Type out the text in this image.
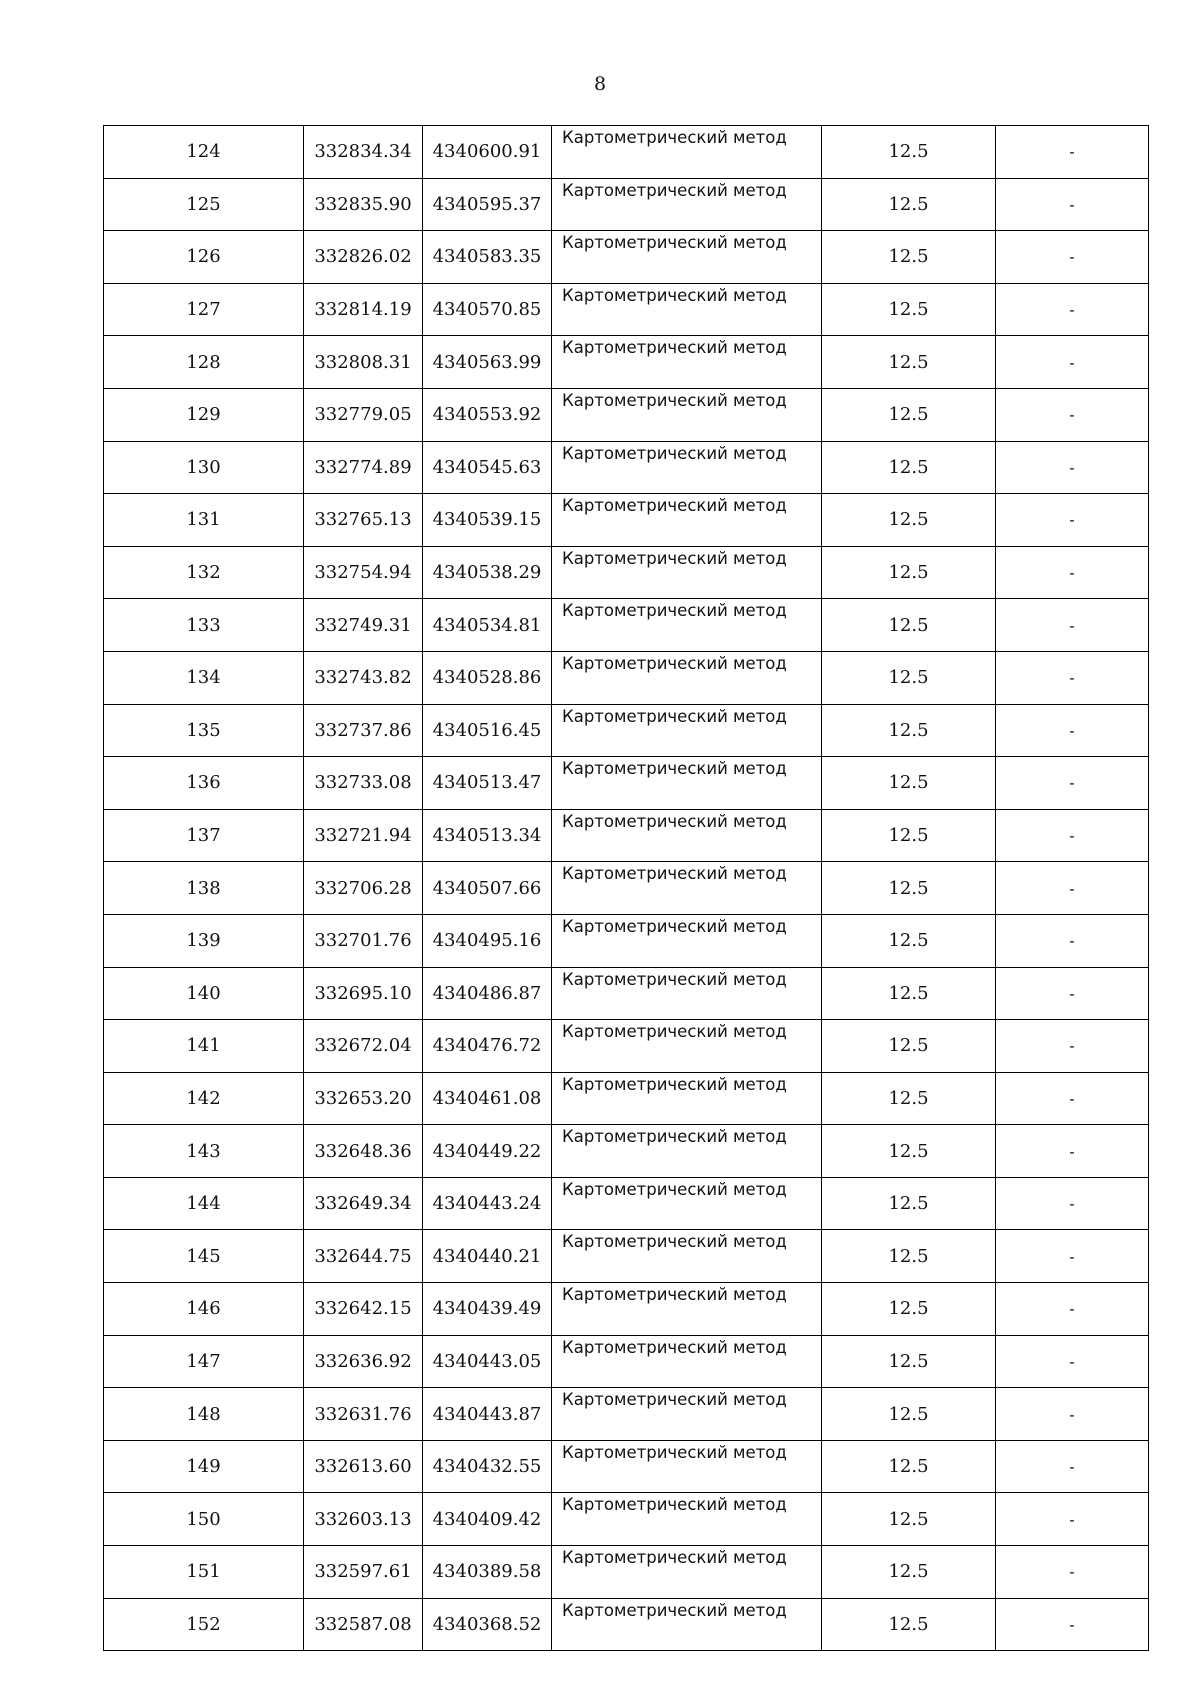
8
124	332834.34	4340600.91	Картометрический метод	12.5	-
125	332835.90	4340595.37	Картометрический метод	12.5	-
126	332826.02	4340583.35	Картометрический метод	12.5	-
127	332814.19	4340570.85	Картометрический метод	12.5	-
128	332808.31	4340563.99	Картометрический метод	12.5	-
129	332779.05	4340553.92	Картометрический метод	12.5	-
130	332774.89	4340545.63	Картометрический метод	12.5	-
131	332765.13	4340539.15	Картометрический метод	12.5	-
132	332754.94	4340538.29	Картометрический метод	12.5	-
133	332749.31	4340534.81	Картометрический метод	12.5	-
134	332743.82	4340528.86	Картометрический метод	12.5	-
135	332737.86	4340516.45	Картометрический метод	12.5	-
136	332733.08	4340513.47	Картометрический метод	12.5	-
137	332721.94	4340513.34	Картометрический метод	12.5	-
138	332706.28	4340507.66	Картометрический метод	12.5	-
139	332701.76	4340495.16	Картометрический метод	12.5	-
140	332695.10	4340486.87	Картометрический метод	12.5	-
141	332672.04	4340476.72	Картометрический метод	12.5	-
142	332653.20	4340461.08	Картометрический метод	12.5	-
143	332648.36	4340449.22	Картометрический метод	12.5	-
144	332649.34	4340443.24	Картометрический метод	12.5	-
145	332644.75	4340440.21	Картометрический метод	12.5	-
146	332642.15	4340439.49	Картометрический метод	12.5	-
147	332636.92	4340443.05	Картометрический метод	12.5	-
148	332631.76	4340443.87	Картометрический метод	12.5	-
149	332613.60	4340432.55	Картометрический метод	12.5	-
150	332603.13	4340409.42	Картометрический метод	12.5	-
151	332597.61	4340389.58	Картометрический метод	12.5	-
152	332587.08	4340368.52	Картометрический метод	12.5	-
